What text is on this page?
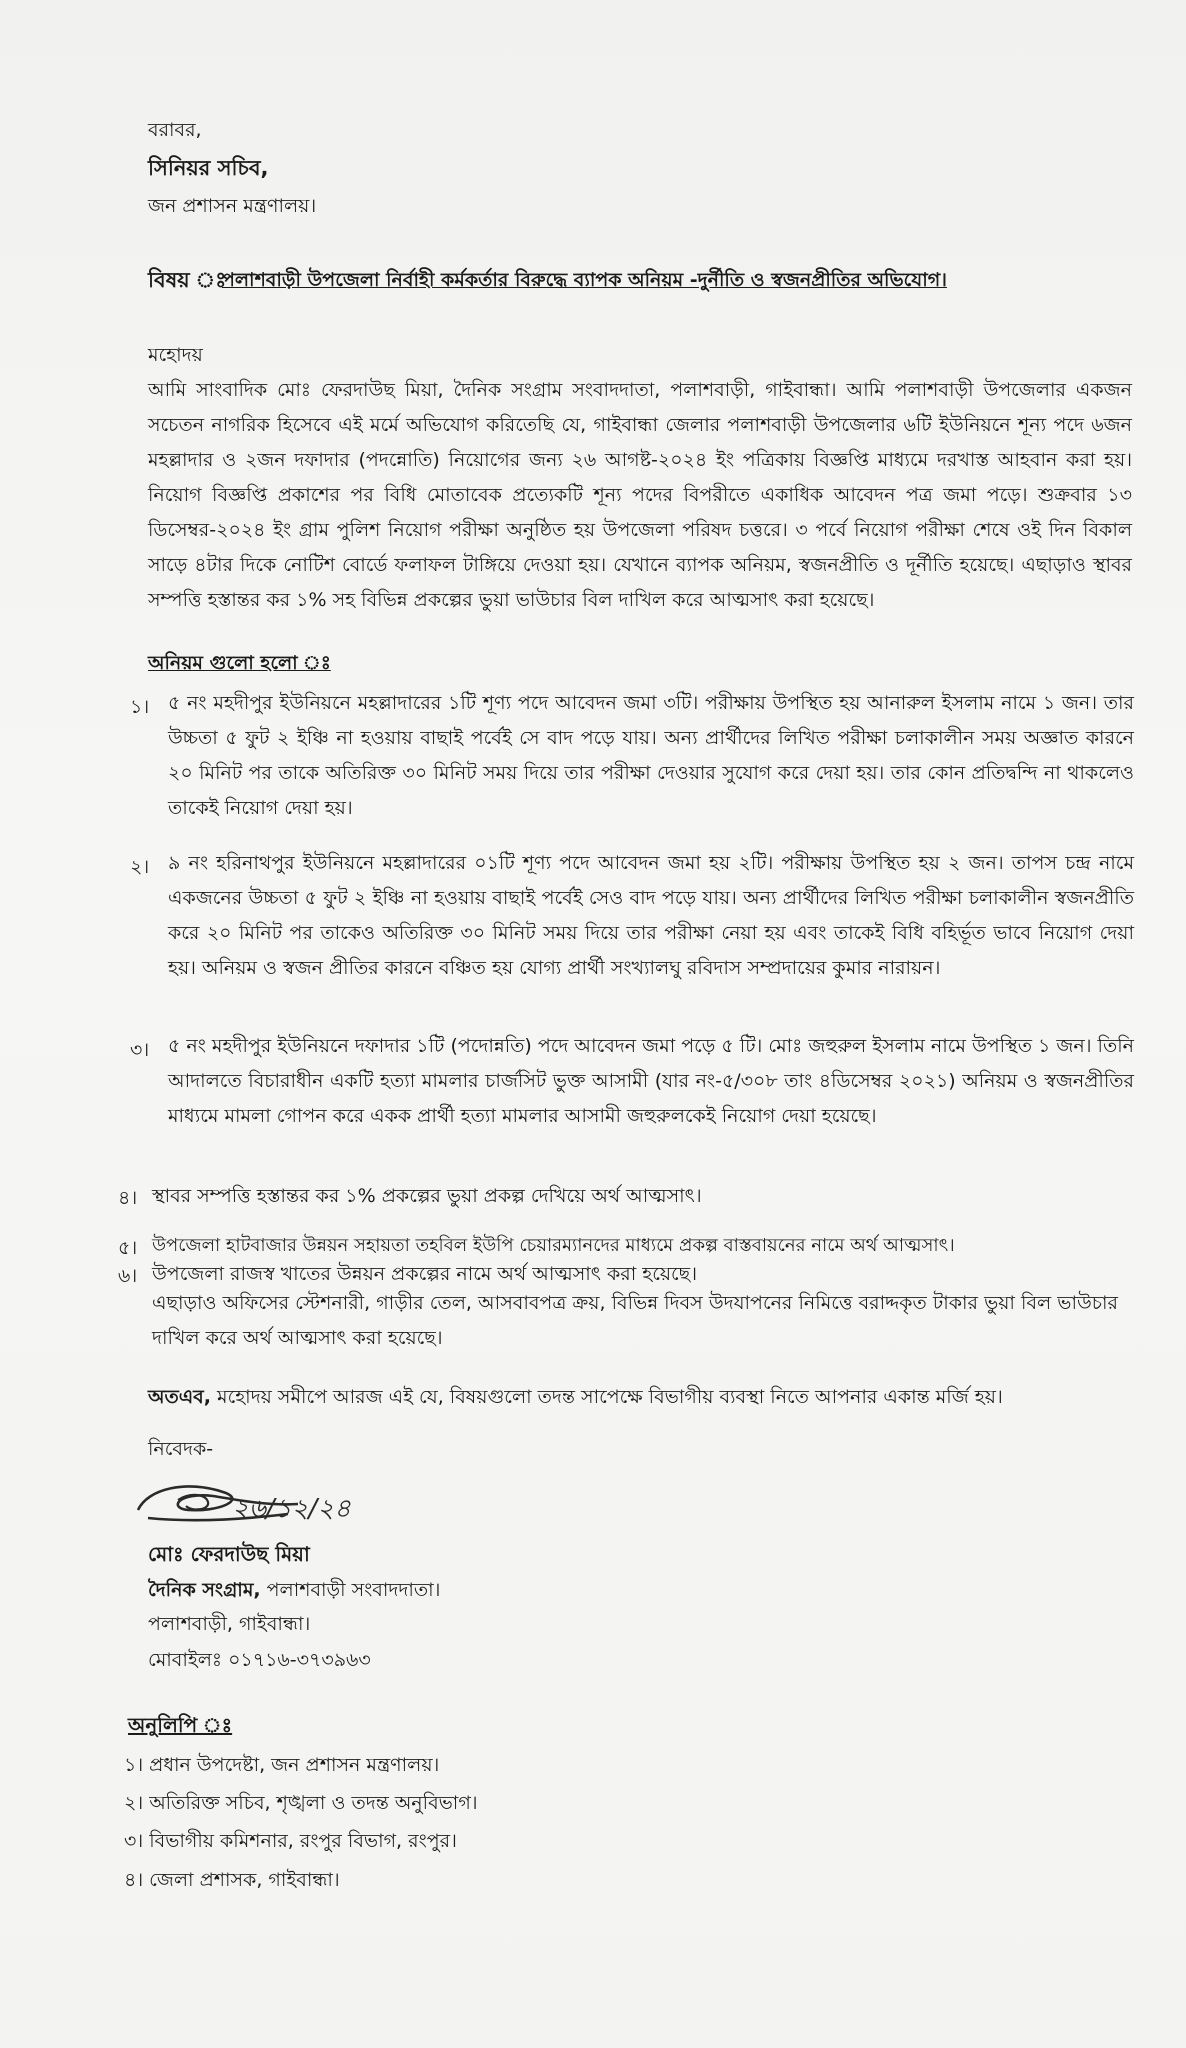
বরাবর,
সিনিয়র সচিব,
জন প্রশাসন মন্ত্রণালয়।
বিষয় ঃ
পলাশবাড়ী উপজেলা নির্বাহী কর্মকর্তার বিরুদ্ধে ব্যাপক অনিয়ম -দুর্নীতি ও স্বজনপ্রীতির অভিযোগ।
মহোদয়
আমি সাংবাদিক মোঃ ফেরদাউছ মিয়া, দৈনিক সংগ্রাম সংবাদদাতা, পলাশবাড়ী, গাইবান্ধা। আমি পলাশবাড়ী উপজেলার একজন সচেতন নাগরিক হিসেবে এই মর্মে অভিযোগ করিতেছি যে, গাইবান্ধা জেলার পলাশবাড়ী উপজেলার ৬টি ইউনিয়নে শূন্য পদে ৬জন মহল্লাদার ও ২জন দফাদার (পদন্নোতি) নিয়োগের জন্য ২৬ আগষ্ট-২০২৪ ইং পত্রিকায় বিজ্ঞপ্তি মাধ্যমে দরখাস্ত আহবান করা হয়। নিয়োগ বিজ্ঞপ্তি প্রকাশের পর বিধি মোতাবেক প্রত্যেকটি শূন্য পদের বিপরীতে একাধিক আবেদন পত্র জমা পড়ে। শুক্রবার ১৩ ডিসেম্বর-২০২৪ ইং গ্রাম পুলিশ নিয়োগ পরীক্ষা অনুষ্ঠিত হয় উপজেলা পরিষদ চত্তরে। ৩ পর্বে নিয়োগ পরীক্ষা শেষে ওই দিন বিকাল সাড়ে ৪টার দিকে নোটিশ বোর্ডে ফলাফল টাঙ্গিয়ে দেওয়া হয়। যেখানে ব্যাপক অনিয়ম, স্বজনপ্রীতি ও দূর্নীতি হয়েছে। এছাড়াও স্থাবর সম্পত্তি হস্তান্তর কর ১% সহ বিভিন্ন প্রকল্পের ভুয়া ভাউচার বিল দাখিল করে আত্মসাৎ করা হয়েছে।
অনিয়ম গুলো হলো ঃ
১। ৫ নং মহদীপুর ইউনিয়নে মহল্লাদারের ১টি শূণ্য পদে আবেদন জমা ৩টি। পরীক্ষায় উপস্থিত হয় আনারুল ইসলাম নামে ১ জন। তার উচ্চতা ৫ ফুট ২ ইঞ্চি না হওয়ায় বাছাই পর্বেই সে বাদ পড়ে যায়। অন্য প্রার্থীদের লিখিত পরীক্ষা চলাকালীন সময় অজ্ঞাত কারনে ২০ মিনিট পর তাকে অতিরিক্ত ৩০ মিনিট সময় দিয়ে তার পরীক্ষা দেওয়ার সুযোগ করে দেয়া হয়। তার কোন প্রতিদ্বন্দি না থাকলেও তাকেই নিয়োগ দেয়া হয়।
২। ৯ নং হরিনাথপুর ইউনিয়নে মহল্লাদারের ০১টি শূণ্য পদে আবেদন জমা হয় ২টি। পরীক্ষায় উপস্থিত হয় ২ জন। তাপস চন্দ্র নামে একজনের উচ্চতা ৫ ফুট ২ ইঞ্চি না হওয়ায় বাছাই পর্বেই সেও বাদ পড়ে যায়। অন্য প্রার্থীদের লিখিত পরীক্ষা চলাকালীন স্বজনপ্রীতি করে ২০ মিনিট পর তাকেও অতিরিক্ত ৩০ মিনিট সময় দিয়ে তার পরীক্ষা নেয়া হয় এবং তাকেই বিধি বহির্ভূত ভাবে নিয়োগ দেয়া হয়। অনিয়ম ও স্বজন প্রীতির কারনে বঞ্চিত হয় যোগ্য প্রার্থী সংখ্যালঘু রবিদাস সম্প্রদায়ের কুমার নারায়ন।
৩। ৫ নং মহদীপুর ইউনিয়নে দফাদার ১টি (পদোন্নতি) পদে আবেদন জমা পড়ে ৫ টি। মোঃ জহুরুল ইসলাম নামে উপস্থিত ১ জন। তিনি আদালতে বিচারাধীন একটি হত্যা মামলার চার্জসিট ভুক্ত আসামী (যার নং-৫/৩০৮ তাং ৪ডিসেম্বর ২০২১) অনিয়ম ও স্বজনপ্রীতির মাধ্যমে মামলা গোপন করে একক প্রার্থী হত্যা মামলার আসামী জহুরুলকেই নিয়োগ দেয়া হয়েছে।
৪। স্থাবর সম্পত্তি হস্তান্তর কর ১% প্রকল্পের ভুয়া প্রকল্প দেখিয়ে অর্থ আত্মসাৎ।
৫। উপজেলা হাটবাজার উন্নয়ন সহায়তা তহবিল ইউপি চেয়ারম্যানদের মাধ্যমে প্রকল্প বাস্তবায়নের নামে অর্থ আত্মসাৎ।
৬। উপজেলা রাজস্ব খাতের উন্নয়ন প্রকল্পের নামে অর্থ আত্মসাৎ করা হয়েছে।
এছাড়াও অফিসের স্টেশনারী, গাড়ীর তেল, আসবাবপত্র ক্রয়, বিভিন্ন দিবস উদযাপনের নিমিত্তে বরাদ্দকৃত টাকার ভুয়া বিল ভাউচার দাখিল করে অর্থ আত্মসাৎ করা হয়েছে।
অতএব, মহোদয় সমীপে আরজ এই যে, বিষয়গুলো তদন্ত সাপেক্ষে বিভাগীয় ব্যবস্থা নিতে আপনার একান্ত মর্জি হয়।
নিবেদক-
২৬/১২/২৪
মোঃ ফেরদাউছ মিয়া
দৈনিক সংগ্রাম, পলাশবাড়ী সংবাদদাতা।
পলাশবাড়ী, গাইবান্ধা।
মোবাইলঃ ০১৭১৬-৩৭৩৯৬৩
অনুলিপি ঃ
১। প্রধান উপদেষ্টা, জন প্রশাসন মন্ত্রণালয়।
২। অতিরিক্ত সচিব, শৃঙ্খলা ও তদন্ত অনুবিভাগ।
৩। বিভাগীয় কমিশনার, রংপুর বিভাগ, রংপুর।
৪। জেলা প্রশাসক, গাইবান্ধা।
